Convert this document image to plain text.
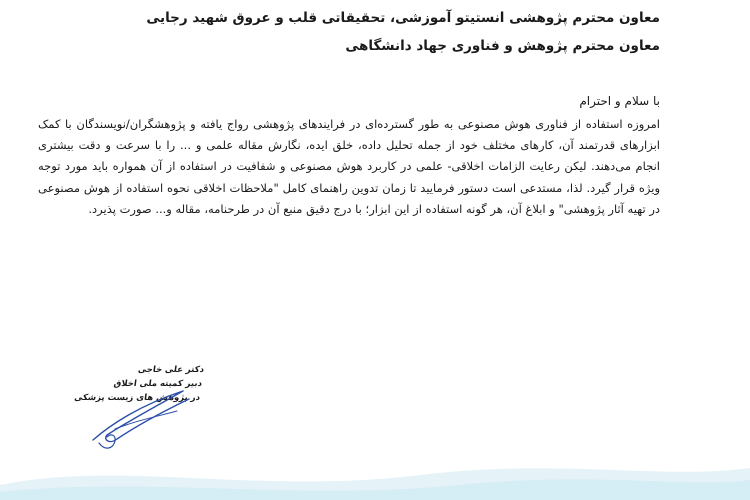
معاون محترم پژوهشی انستیتو آموزشی، تحقیقاتی قلب و عروق شهید رجایی
معاون محترم پژوهش و فناوری جهاد دانشگاهی
با سلام و احترام
امروزه استفاده از فناوری هوش مصنوعی به طور گسترده‌ای در فرایندهای پژوهشی رواج یافته و پژوهشگران/نویسندگان با کمک ابزارهای قدرتمند آن، کارهای مختلف خود از جمله تحلیل داده، خلق ایده، نگارش مقاله علمی و ... را با سرعت و دقت بیشتری انجام می‌دهند. لیکن رعایت الزامات اخلاقی- علمی در کاربرد هوش مصنوعی و شفافیت در استفاده از آن همواره باید مورد توجه ویژه قرار گیرد. لذا، مستدعی است دستور فرمایید تا زمان تدوین راهنمای کامل "ملاحظات اخلاقی نحوه استفاده از هوش مصنوعی در تهیه آثار پژوهشی" و ابلاغ آن، هر گونه استفاده از این ابزار؛ با درج دقیق منبع آن در طرحنامه، مقاله و... صورت پذیرد.
دکتر علی خاجی
دبیر کمیته ملی اخلاق
در پژوهش های زیست پزشکی
